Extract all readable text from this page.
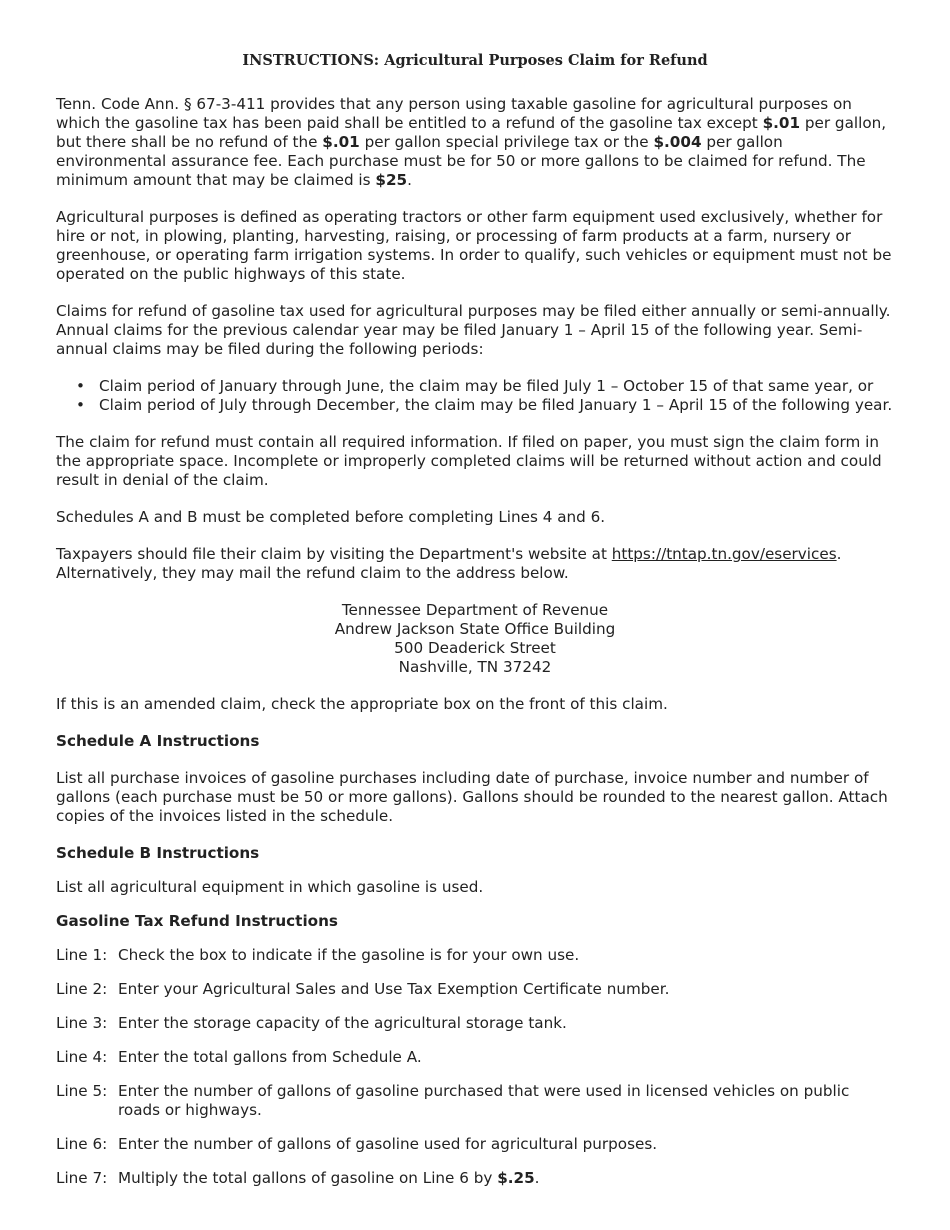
INSTRUCTIONS: Agricultural Purposes Claim for Refund

Tenn. Code Ann. § 67-3-411 provides that any person using taxable gasoline for agricultural purposes on which the gasoline tax has been paid shall be entitled to a refund of the gasoline tax except $.01 per gallon, but there shall be no refund of the $.01 per gallon special privilege tax or the $.004 per gallon environmental assurance fee. Each purchase must be for 50 or more gallons to be claimed for refund. The minimum amount that may be claimed is $25.

Agricultural purposes is defined as operating tractors or other farm equipment used exclusively, whether for hire or not, in plowing, planting, harvesting, raising, or processing of farm products at a farm, nursery or greenhouse, or operating farm irrigation systems. In order to qualify, such vehicles or equipment must not be operated on the public highways of this state.

Claims for refund of gasoline tax used for agricultural purposes may be filed either annually or semi-annually. Annual claims for the previous calendar year may be filed January 1 – April 15 of the following year. Semi-annual claims may be filed during the following periods:

• Claim period of January through June, the claim may be filed July 1 – October 15 of that same year, or
• Claim period of July through December, the claim may be filed January 1 – April 15 of the following year.

The claim for refund must contain all required information. If filed on paper, you must sign the claim form in the appropriate space. Incomplete or improperly completed claims will be returned without action and could result in denial of the claim.

Schedules A and B must be completed before completing Lines 4 and 6.

Taxpayers should file their claim by visiting the Department's website at https://tntap.tn.gov/eservices. Alternatively, they may mail the refund claim to the address below.

Tennessee Department of Revenue
Andrew Jackson State Office Building
500 Deaderick Street
Nashville, TN 37242

If this is an amended claim, check the appropriate box on the front of this claim.

Schedule A Instructions

List all purchase invoices of gasoline purchases including date of purchase, invoice number and number of gallons (each purchase must be 50 or more gallons). Gallons should be rounded to the nearest gallon. Attach copies of the invoices listed in the schedule.

Schedule B Instructions

List all agricultural equipment in which gasoline is used.

Gasoline Tax Refund Instructions
Line 1: Check the box to indicate if the gasoline is for your own use.
Line 2: Enter your Agricultural Sales and Use Tax Exemption Certificate number.
Line 3: Enter the storage capacity of the agricultural storage tank.
Line 4: Enter the total gallons from Schedule A.
Line 5: Enter the number of gallons of gasoline purchased that were used in licensed vehicles on public roads or highways.
Line 6: Enter the number of gallons of gasoline used for agricultural purposes.
Line 7: Multiply the total gallons of gasoline on Line 6 by $.25.
